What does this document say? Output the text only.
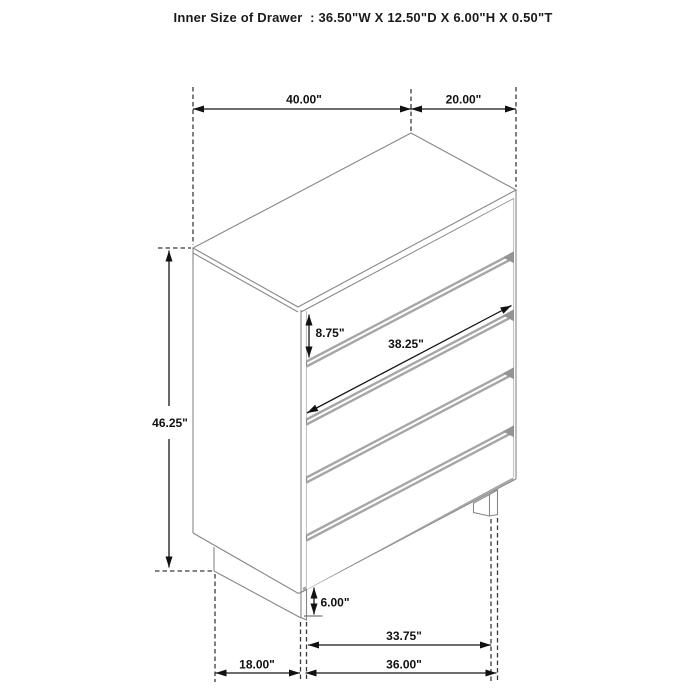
Inner Size of Drawer  : 36.50"W X 12.50"D X 6.00"H X 0.50"T
40.00"	20.00"
46.25"
8.75"
38.25"
6.00"
33.75"
36.00"
18.00"
